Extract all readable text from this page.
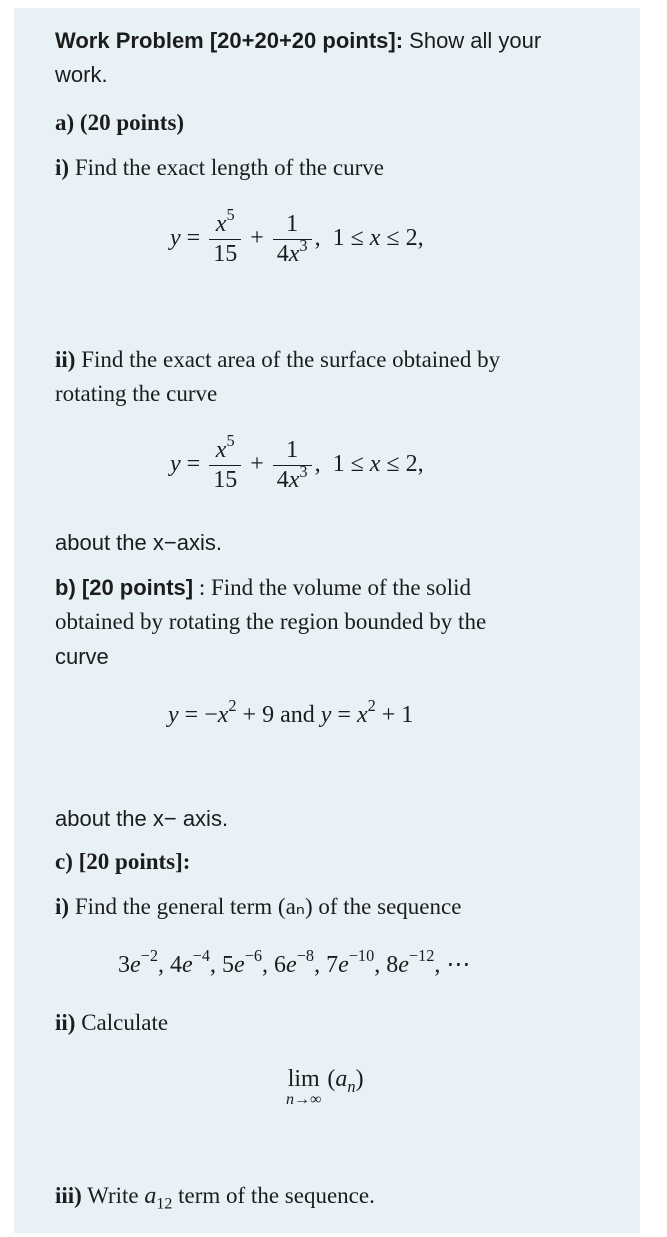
Work Problem [20+20+20 points]: Show all your
work.
a) (20 points)
i) Find the exact length of the curve
$y = \frac{x^5}{15} + \frac{1}{4x^3}$ ,  1 ≤ x ≤ 2,
ii) Find the exact area of the surface obtained by
rotating the curve
$y = \frac{x^5}{15} + \frac{1}{4x^3}$ ,  1 ≤ x ≤ 2,
about the x−axis.
b) [20 points] : Find the volume of the solid
obtained by rotating the region bounded by the
curve
$y = -x^2 + 9$ and $y = x^2 + 1$
about the x− axis.
c) [20 points]:
i) Find the general term (aₙ) of the sequence
$3e^{-2}$, $4e^{-4}$, $5e^{-6}$, $6e^{-8}$, $7e^{-10}$, $8e^{-12}$, ⋯
ii) Calculate
lim
n→∞
$(a_n)$
iii) Write $a_{12}$ term of the sequence.
